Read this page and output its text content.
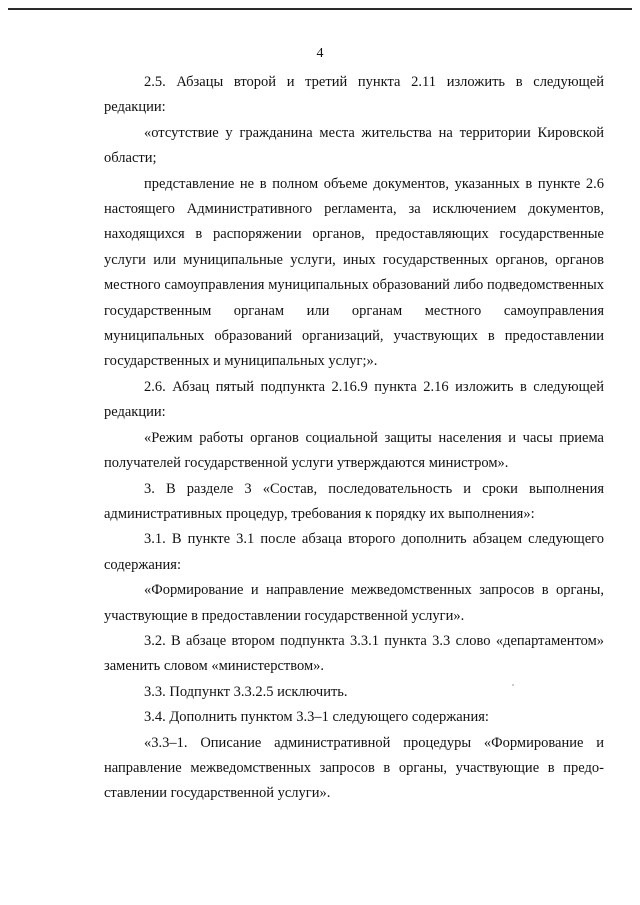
4

2.5. Абзацы второй и третий пункта 2.11 изложить в следующей редакции:

«отсутствие у гражданина места жительства на территории Кировской области;

представление не в полном объеме документов, указанных в пункте 2.6 настоящего Административного регламента, за исключением документов, находящихся в распоряжении органов, предоставляющих государственные услуги или муниципальные услуги, иных государственных органов, органов местного самоуправления муниципальных образований либо подведомственных государственным органам или органам местного самоуправления муниципальных образований организаций, участвующих в предоставлении государственных и муниципальных услуг;».

2.6. Абзац пятый подпункта 2.16.9 пункта 2.16 изложить в следующей редакции:

«Режим работы органов социальной защиты населения и часы приема получателей государственной услуги утверждаются министром».

3. В разделе 3 «Состав, последовательность и сроки выполнения административных процедур, требования к порядку их выполнения»:

3.1. В пункте 3.1 после абзаца второго дополнить абзацем следующего содержания:

«Формирование и направление межведомственных запросов в органы, участвующие в предоставлении государственной услуги».

3.2. В абзаце втором подпункта 3.3.1 пункта 3.3 слово «департаментом» заменить словом «министерством».

3.3. Подпункт 3.3.2.5 исключить.

3.4. Дополнить пунктом 3.3–1 следующего содержания:

«3.3–1. Описание административной процедуры «Формирование и направление межведомственных запросов в органы, участвующие в предоставлении государственной услуги».
